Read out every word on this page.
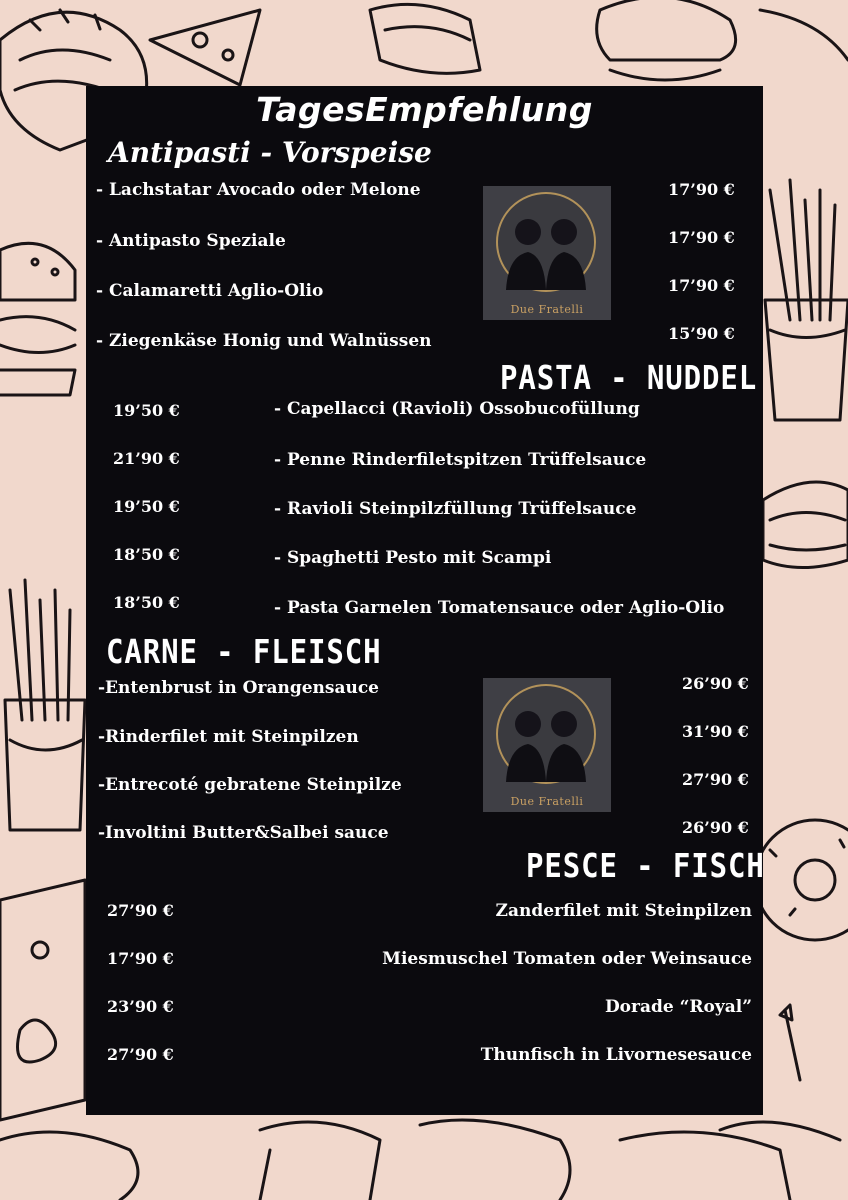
TagesEmpfehlung
Antipasti - Vorspeise
- Lachstatar Avocado oder Melone	17’90 €
- Antipasto Speziale	17’90 €
- Calamaretti Aglio-Olio	17’90 €
- Ziegenkäse Honig und Walnüssen	15’90 €
Due Fratelli
PASTA - NUDDEL
19’50 €	- Capellacci (Ravioli) Ossobucofüllung
21’90 €	- Penne Rinderfiletspitzen Trüffelsauce
19’50 €	- Ravioli Steinpilzfüllung Trüffelsauce
18’50 €	- Spaghetti Pesto mit Scampi
18’50 €	- Pasta Garnelen Tomatensauce oder Aglio-Olio
CARNE - FLEISCH
-Entenbrust in Orangensauce	26’90 €
-Rinderfilet mit Steinpilzen	31’90 €
-Entrecoté gebratene Steinpilze	27’90 €
-Involtini Butter&Salbei sauce	26’90 €
Due Fratelli
PESCE - FISCH
27’90 €	Zanderfilet mit Steinpilzen
17’90 €	Miesmuschel Tomaten oder Weinsauce
23’90 €	Dorade “Royal”
27’90 €	Thunfisch in Livornesesauce
